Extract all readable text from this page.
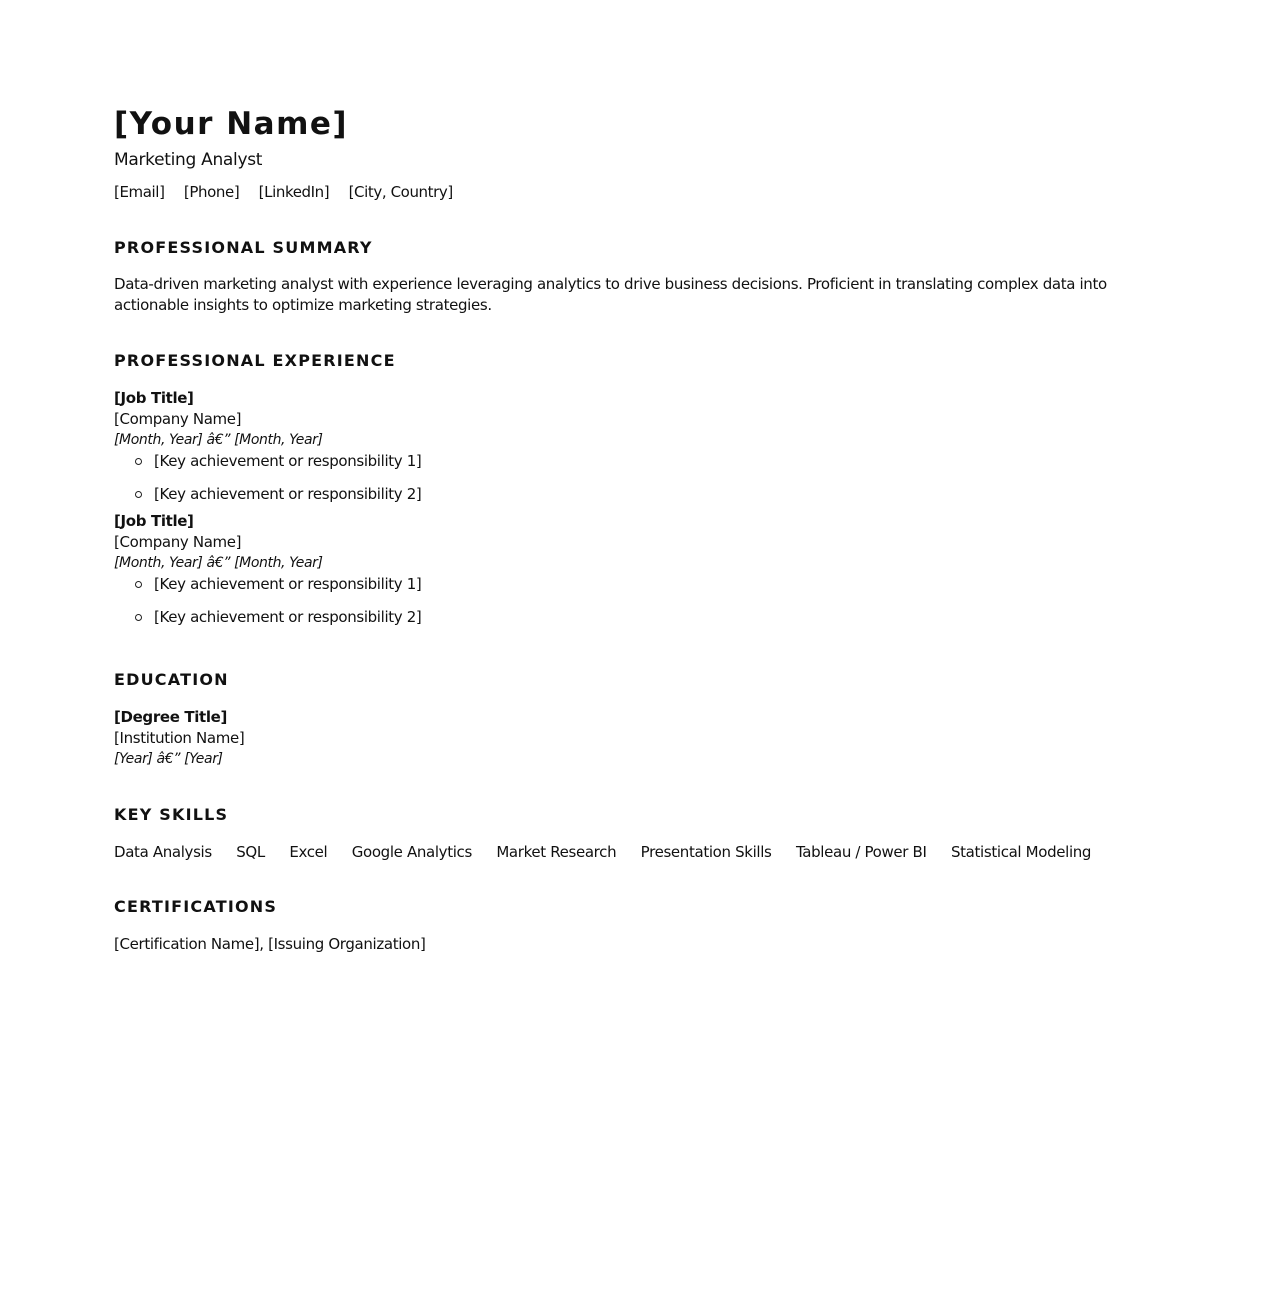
[Your Name]
Marketing Analyst
[Email] [Phone] [LinkedIn] [City, Country]
PROFESSIONAL SUMMARY
Data-driven marketing analyst with experience leveraging analytics to drive business decisions. Proficient in translating complex data into actionable insights to optimize marketing strategies.
PROFESSIONAL EXPERIENCE
[Job Title]
[Company Name]
[Month, Year] â€” [Month, Year]
[Key achievement or responsibility 1]
[Key achievement or responsibility 2]
[Job Title]
[Company Name]
[Month, Year] â€” [Month, Year]
[Key achievement or responsibility 1]
[Key achievement or responsibility 2]
EDUCATION
[Degree Title]
[Institution Name]
[Year] â€” [Year]
KEY SKILLS
Data Analysis SQL Excel Google Analytics Market Research Presentation Skills Tableau / Power BI Statistical Modeling
CERTIFICATIONS
[Certification Name], [Issuing Organization]
